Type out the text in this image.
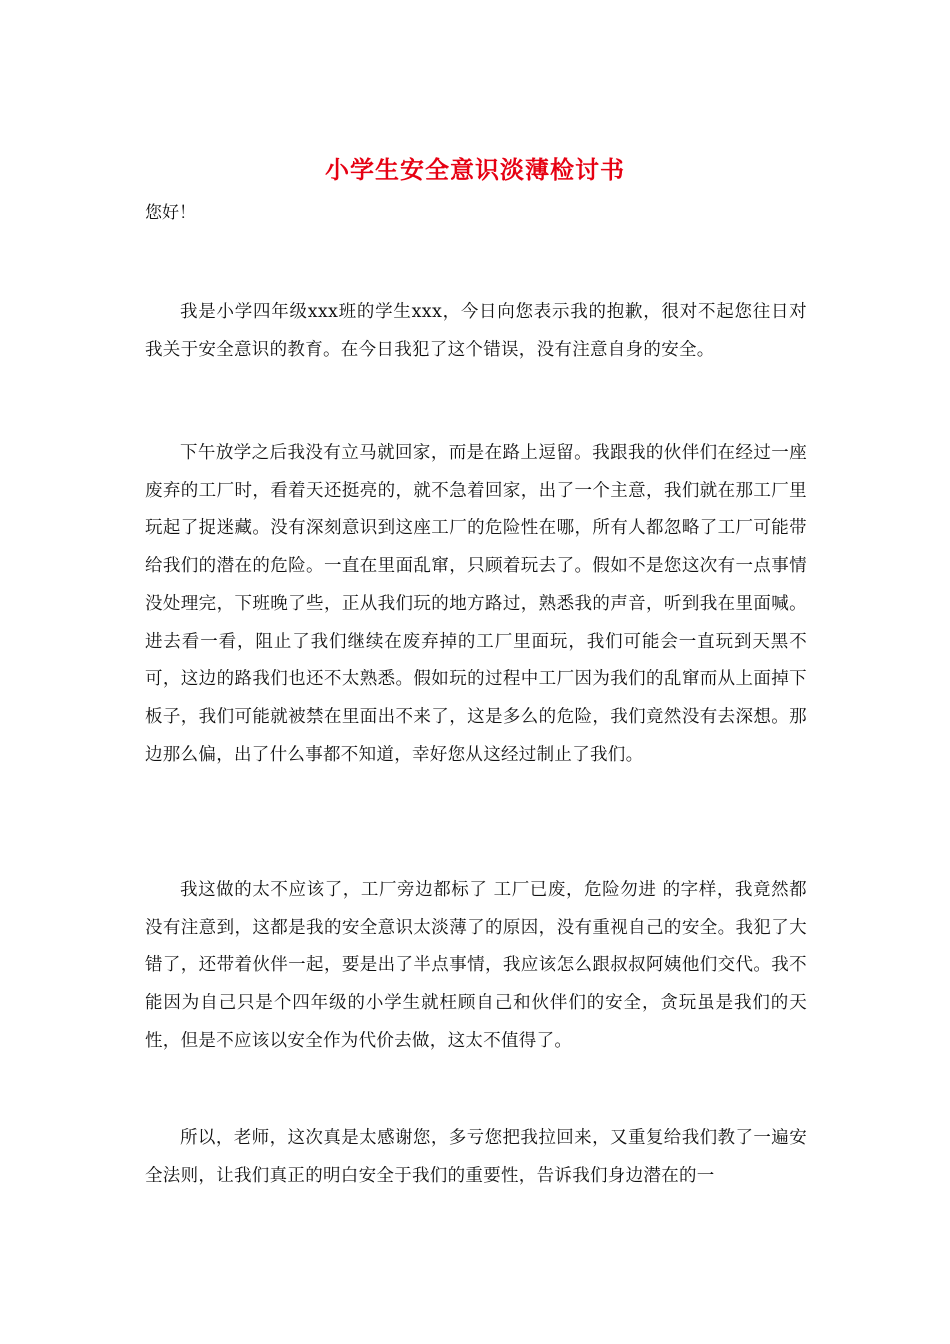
小学生安全意识淡薄检讨书
您好！

我是小学四年级xxx班的学生xxx，今日向您表示我的抱歉，很对不起您往日对我关于安全意识的教育。在今日我犯了这个错误，没有注意自身的安全。

下午放学之后我没有立马就回家，而是在路上逗留。我跟我的伙伴们在经过一座废弃的工厂时，看着天还挺亮的，就不急着回家，出了一个主意，我们就在那工厂里玩起了捉迷藏。没有深刻意识到这座工厂的危险性在哪，所有人都忽略了工厂可能带给我们的潜在的危险。一直在里面乱窜，只顾着玩去了。假如不是您这次有一点事情没处理完，下班晚了些，正从我们玩的地方路过，熟悉我的声音，听到我在里面喊。进去看一看，阻止了我们继续在废弃掉的工厂里面玩，我们可能会一直玩到天黑不可，这边的路我们也还不太熟悉。假如玩的过程中工厂因为我们的乱窜而从上面掉下板子，我们可能就被禁在里面出不来了，这是多么的危险，我们竟然没有去深想。那边那么偏，出了什么事都不知道，幸好您从这经过制止了我们。

我这做的太不应该了，工厂旁边都标了 工厂已废，危险勿进 的字样，我竟然都没有注意到，这都是我的安全意识太淡薄了的原因，没有重视自己的安全。我犯了大错了，还带着伙伴一起，要是出了半点事情，我应该怎么跟叔叔阿姨他们交代。我不能因为自己只是个四年级的小学生就枉顾自己和伙伴们的安全，贪玩虽是我们的天性，但是不应该以安全作为代价去做，这太不值得了。

所以，老师，这次真是太感谢您，多亏您把我拉回来，又重复给我们教了一遍安全法则，让我们真正的明白安全于我们的重要性，告诉我们身边潜在的一
